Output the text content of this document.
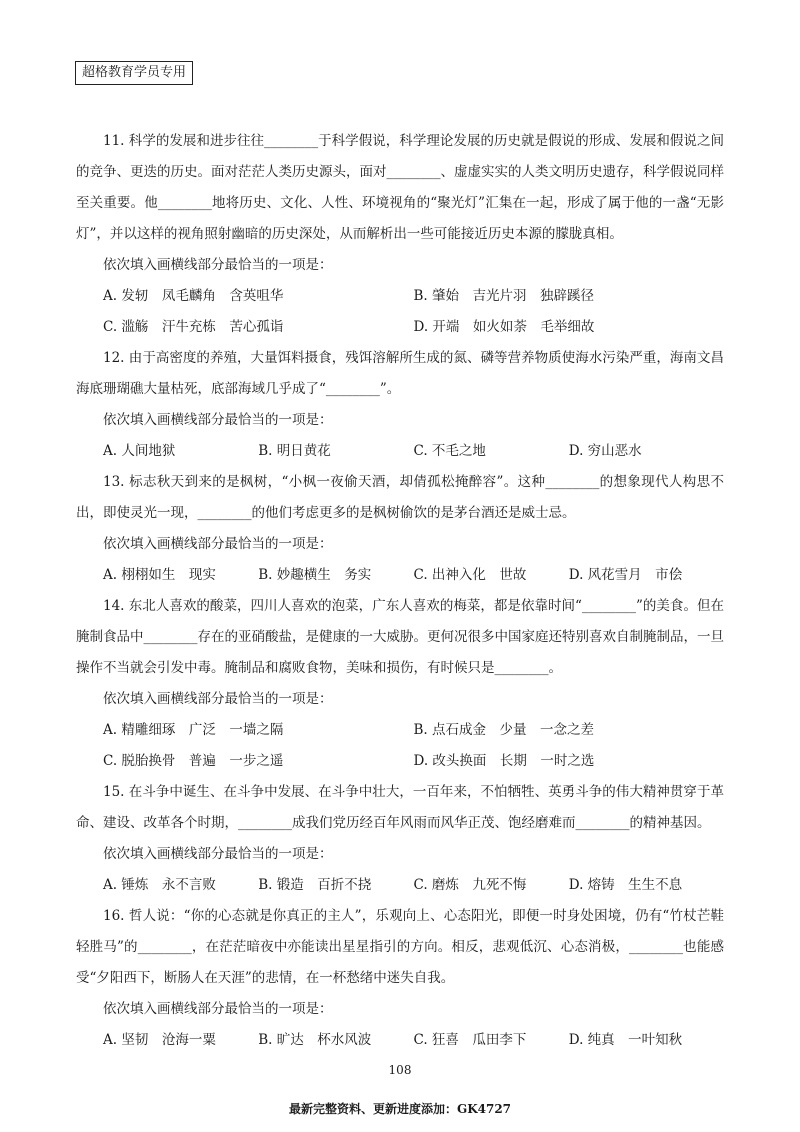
超格教育学员专用

11. 科学的发展和进步往往________于科学假说，科学理论发展的历史就是假说的形成、发展和假说之间的竞争、更迭的历史。面对茫茫人类历史源头，面对________、虚虚实实的人类文明历史遗存，科学假说同样至关重要。他________地将历史、文化、人性、环境视角的“聚光灯”汇集在一起，形成了属于他的一盏“无影灯”，并以这样的视角照射幽暗的历史深处，从而解析出一些可能接近历史本源的朦胧真相。

依次填入画横线部分最恰当的一项是：

A. 发轫　凤毛麟角　含英咀华	B. 肇始　吉光片羽　独辟蹊径
C. 滥觞　汗牛充栋　苦心孤诣	D. 开端　如火如荼　毛举细故

12. 由于高密度的养殖，大量饵料摄食，残饵溶解所生成的氮、磷等营养物质使海水污染严重，海南文昌海底珊瑚礁大量枯死，底部海域几乎成了“________”。

依次填入画横线部分最恰当的一项是：

A. 人间地狱	B. 明日黄花	C. 不毛之地	D. 穷山恶水

13. 标志秋天到来的是枫树，“小枫一夜偷天酒，却倩孤松掩醉容”。这种________的想象现代人构思不出，即使灵光一现，________的他们考虑更多的是枫树偷饮的是茅台酒还是威士忌。

依次填入画横线部分最恰当的一项是：

A. 栩栩如生　现实	B. 妙趣横生　务实	C. 出神入化　世故	D. 风花雪月　市侩

14. 东北人喜欢的酸菜，四川人喜欢的泡菜，广东人喜欢的梅菜，都是依靠时间“________”的美食。但在腌制食品中________存在的亚硝酸盐，是健康的一大威胁。更何况很多中国家庭还特别喜欢自制腌制品，一旦操作不当就会引发中毒。腌制品和腐败食物，美味和损伤，有时候只是________。

依次填入画横线部分最恰当的一项是：

A. 精雕细琢　广泛　一墙之隔	B. 点石成金　少量　一念之差
C. 脱胎换骨　普遍　一步之遥	D. 改头换面　长期　一时之选

15. 在斗争中诞生、在斗争中发展、在斗争中壮大，一百年来，不怕牺牲、英勇斗争的伟大精神贯穿于革命、建设、改革各个时期，________成我们党历经百年风雨而风华正茂、饱经磨难而________的精神基因。

依次填入画横线部分最恰当的一项是：

A. 锤炼　永不言败	B. 锻造　百折不挠	C. 磨炼　九死不悔	D. 熔铸　生生不息

16. 哲人说：“你的心态就是你真正的主人”，乐观向上、心态阳光，即便一时身处困境，仍有“竹杖芒鞋轻胜马”的________，在茫茫暗夜中亦能读出星星指引的方向。相反，悲观低沉、心态消极，________也能感受“夕阳西下，断肠人在天涯”的悲情，在一杯愁绪中迷失自我。

依次填入画横线部分最恰当的一项是：

A. 坚韧　沧海一粟	B. 旷达　杯水风波	C. 狂喜　瓜田李下	D. 纯真　一叶知秋
108
最新完整资料、更新进度添加：GK4727
